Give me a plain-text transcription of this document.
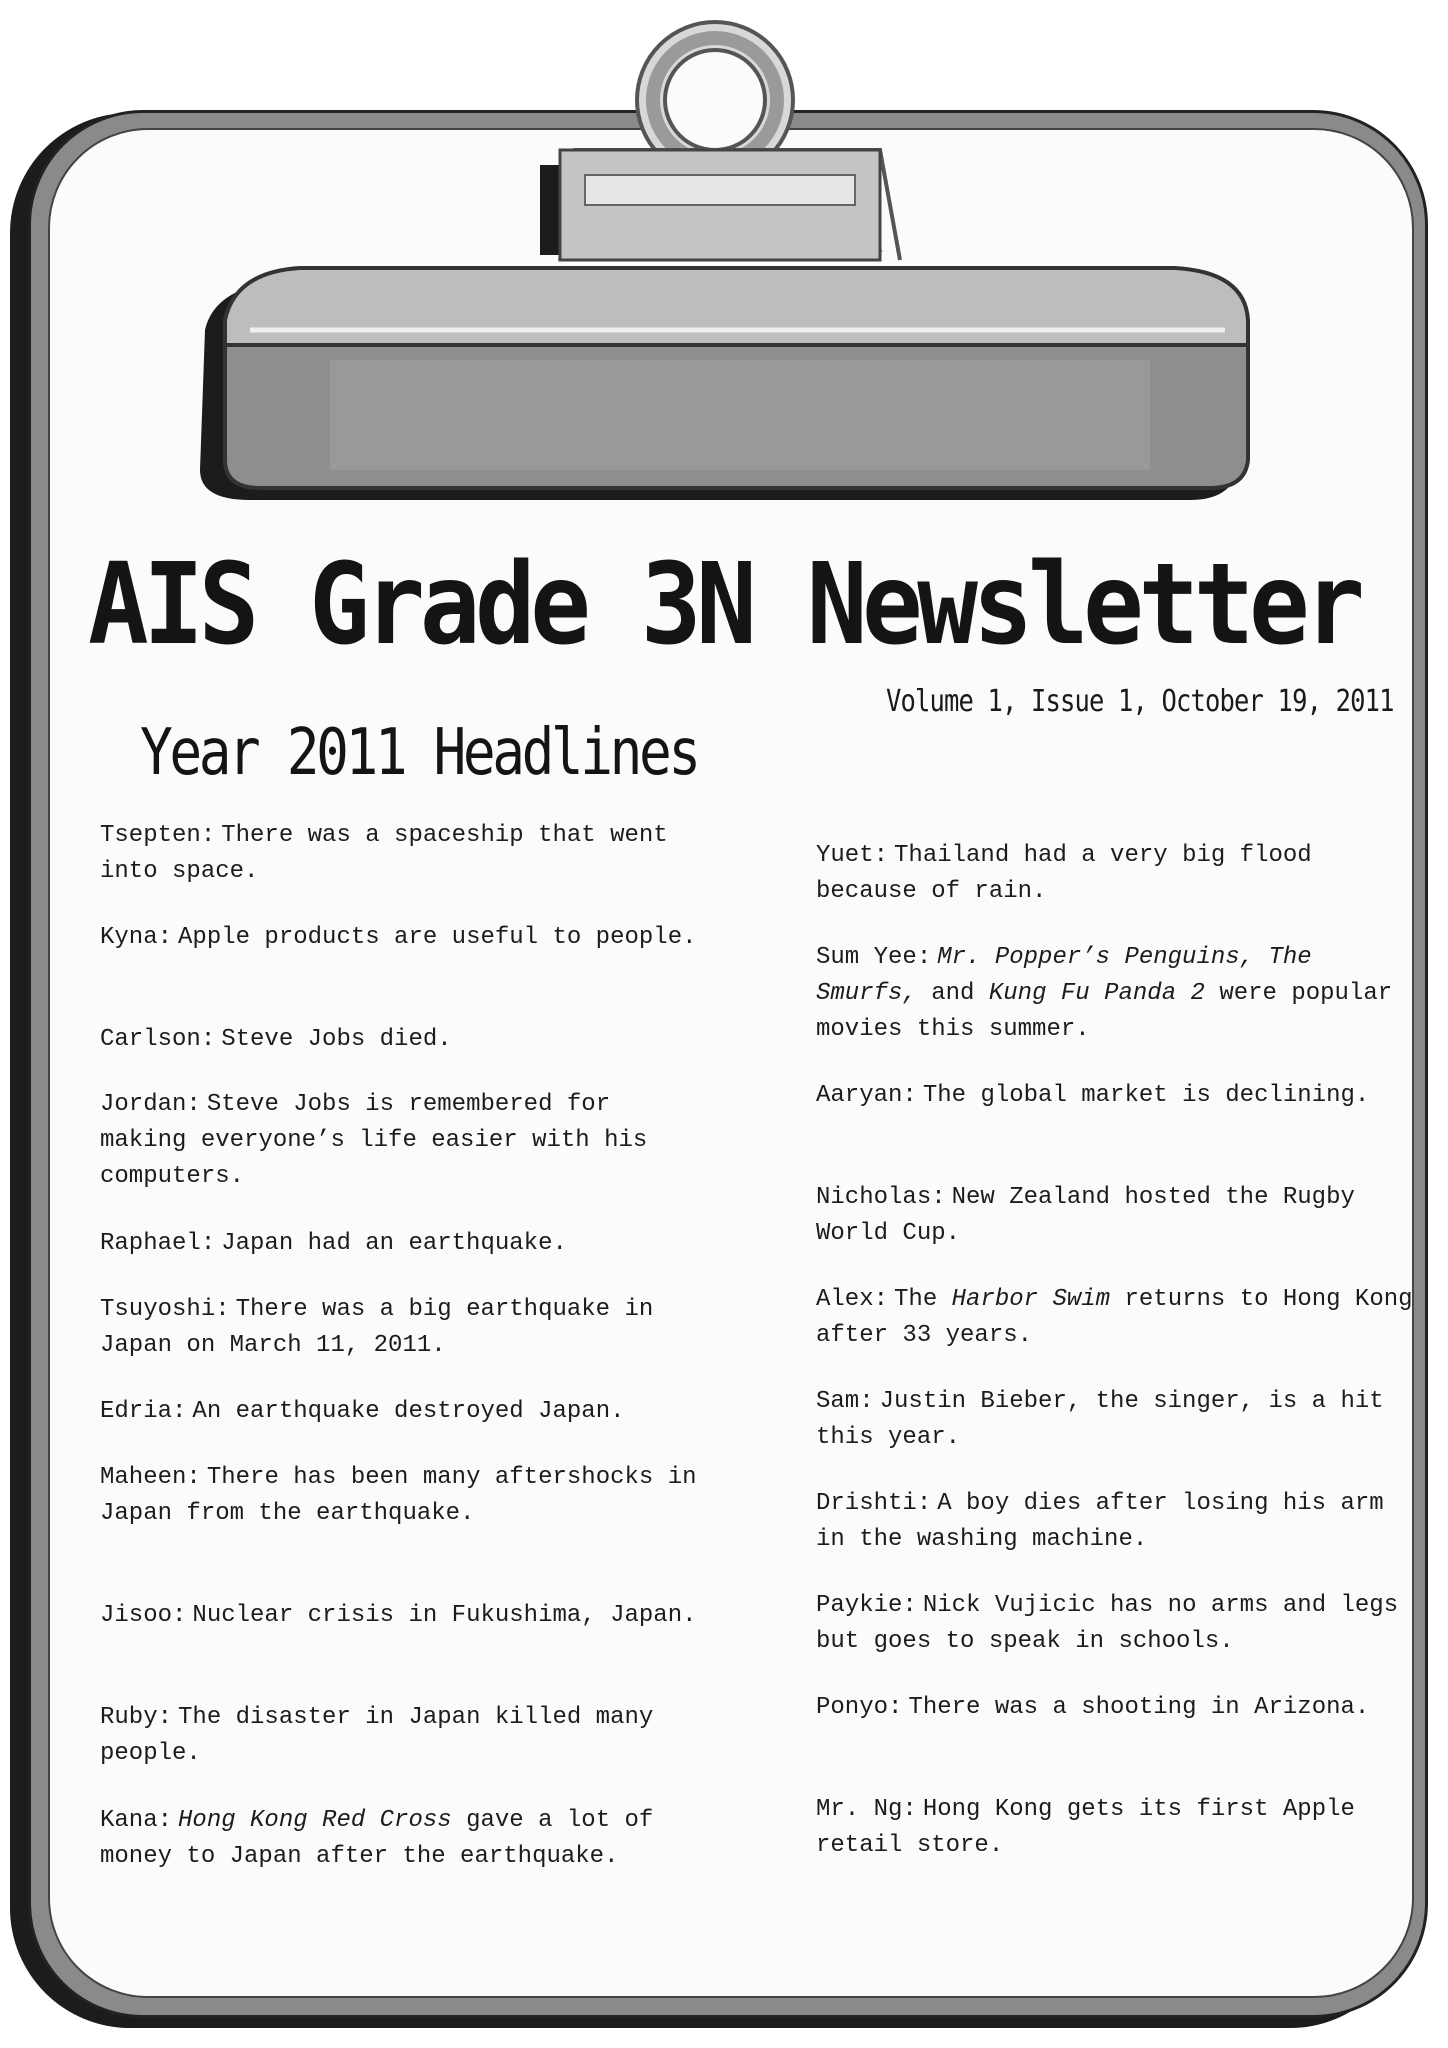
AIS Grade 3N Newsletter
Volume 1, Issue 1, October 19, 2011
Year 2011 Headlines

Tsepten: There was a spaceship that went into space.

Kyna: Apple products are useful to people.

Carlson: Steve Jobs died.

Jordan: Steve Jobs is remembered for making everyone’s life easier with his computers.

Raphael: Japan had an earthquake.

Tsuyoshi: There was a big earthquake in Japan on March 11, 2011.

Edria: An earthquake destroyed Japan.

Maheen: There has been many aftershocks in Japan from the earthquake.

Jisoo: Nuclear crisis in Fukushima, Japan.

Ruby: The disaster in Japan killed many people.

Kana: Hong Kong Red Cross gave a lot of money to Japan after the earthquake.

Yuet: Thailand had a very big flood because of rain.

Sum Yee: Mr. Popper’s Penguins, The Smurfs, and Kung Fu Panda 2 were popular movies this summer.

Aaryan: The global market is declining.

Nicholas: New Zealand hosted the Rugby World Cup.

Alex: The Harbor Swim returns to Hong Kong after 33 years.

Sam: Justin Bieber, the singer, is a hit this year.

Drishti: A boy dies after losing his arm in the washing machine.

Paykie: Nick Vujicic has no arms and legs but goes to speak in schools.

Ponyo: There was a shooting in Arizona.

Mr. Ng: Hong Kong gets its first Apple retail store.
